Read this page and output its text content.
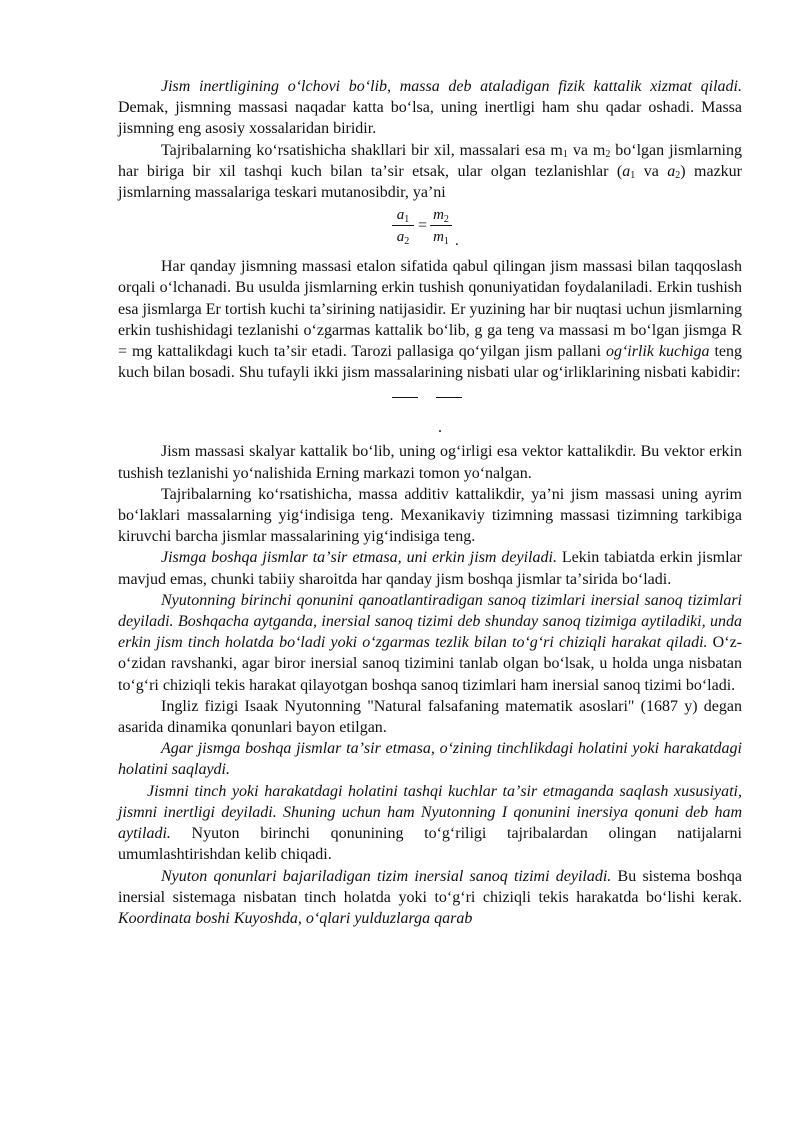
Jism inertligining oʻlchovi boʻlib, massa deb ataladigan fizik kattalik xizmat qiladi. Demak, jismning massasi naqadar katta boʻlsa, uning inertligi ham shu qadar oshadi. Massa jismning eng asosiy xossalaridan biridir.

Tajribalarning koʻrsatishicha shakllari bir xil, massalari esa $m_1$ va $m_2$ boʻlgan jismlarning har biriga bir xil tashqi kuch bilan taʼsir etsak, ular olgan tezlanishlar ($a_1$ va $a_2$) mazkur jismlarning massalariga teskari mutanosibdir, yaʼni

$a_1$
$a_2$
=
$m_2$
$m_1$ .

Har qanday jismning massasi etalon sifatida qabul qilingan jism massasi bilan taqqoslash orqali oʻlchanadi. Bu usulda jismlarning erkin tushish qonuniyatidan foydalaniladi. Erkin tushish esa jismlarga Er tortish kuchi taʼsirining natijasidir. Er yuzining har bir nuqtasi uchun jismlarning erkin tushishidagi tezlanishi oʻzgarmas kattalik boʻlib, g ga teng va massasi m boʻlgan jismga R = mg kattalikdagi kuch taʼsir etadi. Tarozi pallasiga qoʻyilgan jism pallani ogʻirlik kuchiga teng kuch bilan bosadi. Shu tufayli ikki jism massalarining nisbati ular ogʻirliklarining nisbati kabidir:

.

Jism massasi skalyar kattalik boʻlib, uning ogʻirligi esa vektor kattalikdir. Bu vektor erkin tushish tezlanishi yoʻnalishida Erning markazi tomon yoʻnalgan.

Tajribalarning koʻrsatishicha, massa additiv kattalikdir, yaʼni jism massasi uning ayrim boʻlaklari massalarning yigʻindisiga teng. Mexanikaviy tizimning massasi tizimning tarkibiga kiruvchi barcha jismlar massalarining yigʻindisiga teng.

Jismga boshqa jismlar taʼsir etmasa, uni erkin jism deyiladi. Lekin tabiatda erkin jismlar mavjud emas, chunki tabiiy sharoitda har qanday jism boshqa jismlar taʼsirida boʻladi.

Nyutonning birinchi qonunini qanoatlantiradigan sanoq tizimlari inersial sanoq tizimlari deyiladi. Boshqacha aytganda, inersial sanoq tizimi deb shunday sanoq tizimiga aytiladiki, unda erkin jism tinch holatda boʻladi yoki oʻzgarmas tezlik bilan toʻgʻri chiziqli harakat qiladi. Oʻz-oʻzidan ravshanki, agar biror inersial sanoq tizimini tanlab olgan boʻlsak, u holda unga nisbatan toʻgʻri chiziqli tekis harakat qilayotgan boshqa sanoq tizimlari ham inersial sanoq tizimi boʻladi.

Ingliz fizigi Isaak Nyutonning "Natural falsafaning matematik asoslari" (1687 y) degan asarida dinamika qonunlari bayon etilgan.

Agar jismga boshqa jismlar taʼsir etmasa, oʻzining tinchlikdagi holatini yoki harakatdagi holatini saqlaydi.

Jismni tinch yoki harakatdagi holatini tashqi kuchlar taʼsir etmaganda saqlash xususiyati, jismni inertligi deyiladi. Shuning uchun ham Nyutonning I qonunini inersiya qonuni deb ham aytiladi. Nyuton birinchi qonunining toʻgʻriligi tajribalardan olingan natijalarni umumlashtirishdan kelib chiqadi.

Nyuton qonunlari bajariladigan tizim inersial sanoq tizimi deyiladi. Bu sistema boshqa inersial sistemaga nisbatan tinch holatda yoki toʻgʻri chiziqli tekis harakatda boʻlishi kerak. Koordinata boshi Kuyoshda, oʻqlari yulduzlarga qarab
